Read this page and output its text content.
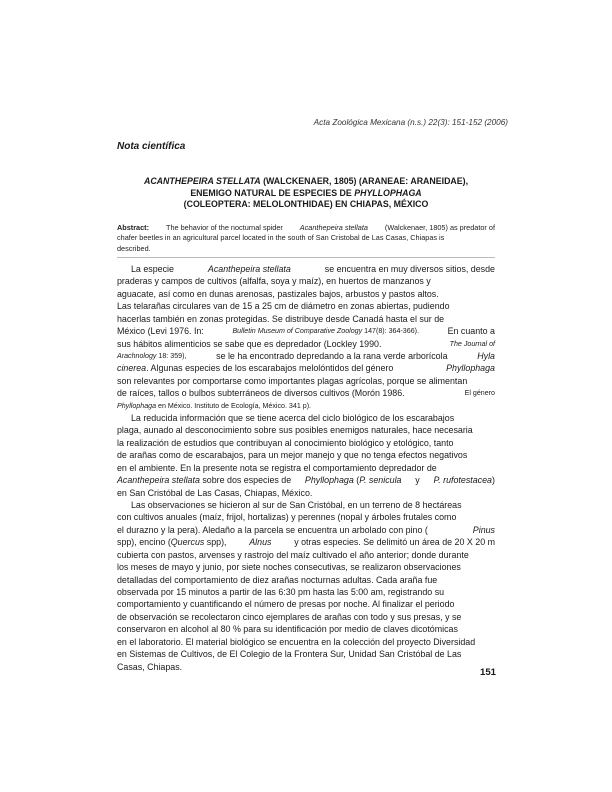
Acta Zoológica Mexicana (n.s.) 22(3): 151-152 (2006)
Nota científica
ACANTHEPEIRA STELLATA (WALCKENAER, 1805) (ARANEAE: ARANEIDAE),
ENEMIGO NATURAL DE ESPECIES DE PHYLLOPHAGA
(COLEOPTERA: MELOLONTHIDAE) EN CHIAPAS, MÉXICO
Abstract: The behavior of the nocturnal spider Acanthepeira stellata (Walckenaer, 1805) as predator of
chafer beetles in an agricultural parcel located in the south of San Cristobal de Las Casas, Chiapas is
described.
La especie	Acanthepeira stellata	se encuentra en muy diversos sitios, desde
praderas y campos de cultivos (alfalfa, soya y maíz), en huertos de manzanos y
aguacate, así como en dunas arenosas, pastizales bajos, arbustos y pastos altos.
Las telarañas circulares van de 15 a 25 cm de diámetro en zonas abiertas, pudiendo
hacerlas también en zonas protegidas. Se distribuye desde Canadá hasta el sur de
México (Levi 1976. In:	Bulletin Museum of Comparative Zoology 147(8): 364-366).	En cuanto a
sus hábitos alimenticios se sabe que es depredador (Lockley 1990.	The Journal of
Arachnology 18: 359),	se le ha encontrado depredando a la rana verde arborícola	Hyla
cinerea. Algunas especies de los escarabajos melolóntidos del género	Phyllophaga
son relevantes por comportarse como importantes plagas agrícolas, porque se alimentan
de raíces, tallos o bulbos subterráneos de diversos cultivos (Morón 1986.	El género
Phyllophaga
en México. Instituto de Ecología, México. 341 p).
La reducida información que se tiene acerca del ciclo biológico de los escarabajos
plaga, aunado al desconocimiento sobre sus posibles enemigos naturales, hace necesaria
la realización de estudios que contribuyan al conocimiento biológico y etológico, tanto
de arañas como de escarabajos, para un mejor manejo y que no tenga efectos negativos
en el ambiente. En la presente nota se registra el comportamiento depredador de
Acanthepeira stellata sobre dos especies de Phyllophaga (P. senicula y P. rufotestacea)
en San Cristóbal de Las Casas, Chiapas, México.
Las observaciones se hicieron al sur de San Cristóbal, en un terreno de 8 hectáreas
con cultivos anuales (maíz, frijol, hortalizas) y perennes (nopal y árboles frutales como
el durazno y la pera). Aledaño a la parcela se encuentra un arbolado con pino (	Pinus
spp), encino (Quercus spp),	Alnus	y otras especies. Se delimitó un área de 20 X 20 m
cubierta con pastos, arvenses y rastrojo del maíz cultivado el año anterior; donde durante
los meses de mayo y junio, por siete noches consecutivas, se realizaron observaciones
detalladas del comportamiento de diez arañas nocturnas adultas. Cada araña fue
observada por 15 minutos a partir de las 6:30 pm hasta las 5:00 am, registrando su
comportamiento y cuantificando el número de presas por noche. Al finalizar el periodo
de observación se recolectaron cinco ejemplares de arañas con todo y sus presas, y se
conservaron en alcohol al 80 % para su identificación por medio de claves dicotómicas
en el laboratorio. El material biológico se encuentra en la colección del proyecto Diversidad
en Sistemas de Cultivos, de El Colegio de la Frontera Sur, Unidad San Cristóbal de Las
Casas, Chiapas.
151
